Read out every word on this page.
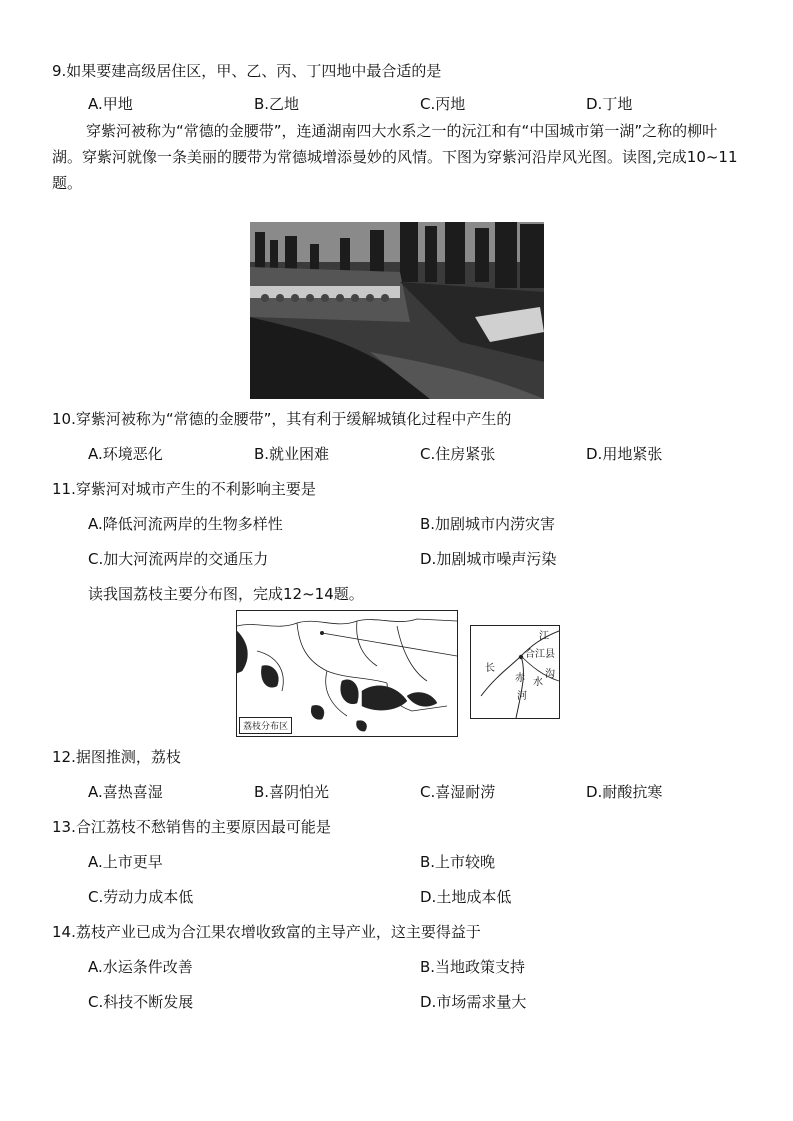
9.如果要建高级居住区，甲、乙、丙、丁四地中最合适的是
A.甲地	B.乙地	C.丙地	D.丁地
穿紫河被称为“常德的金腰带”，连通湖南四大水系之一的沅江和有“中国城市第一湖”之称的柳叶湖。穿紫河就像一条美丽的腰带为常德城增添曼妙的风情。下图为穿紫河沿岸风光图。读图,完成10~11题。
10.穿紫河被称为“常德的金腰带”，其有利于缓解城镇化过程中产生的
A.环境恶化	B.就业困难	C.住房紧张	D.用地紧张
11.穿紫河对城市产生的不利影响主要是
A.降低河流两岸的生物多样性	B.加剧城市内涝灾害
C.加大河流两岸的交通压力	D.加剧城市噪声污染
读我国荔枝主要分布图，完成12~14题。
荔枝分布区
江
合江县
长
赤 水
河
沟
12.据图推测，荔枝
A.喜热喜湿	B.喜阴怕光	C.喜湿耐涝	D.耐酸抗寒
13.合江荔枝不愁销售的主要原因最可能是
A.上市更早	B.上市较晚
C.劳动力成本低	D.土地成本低
14.荔枝产业已成为合江果农增收致富的主导产业，这主要得益于
A.水运条件改善	B.当地政策支持
C.科技不断发展	D.市场需求量大
